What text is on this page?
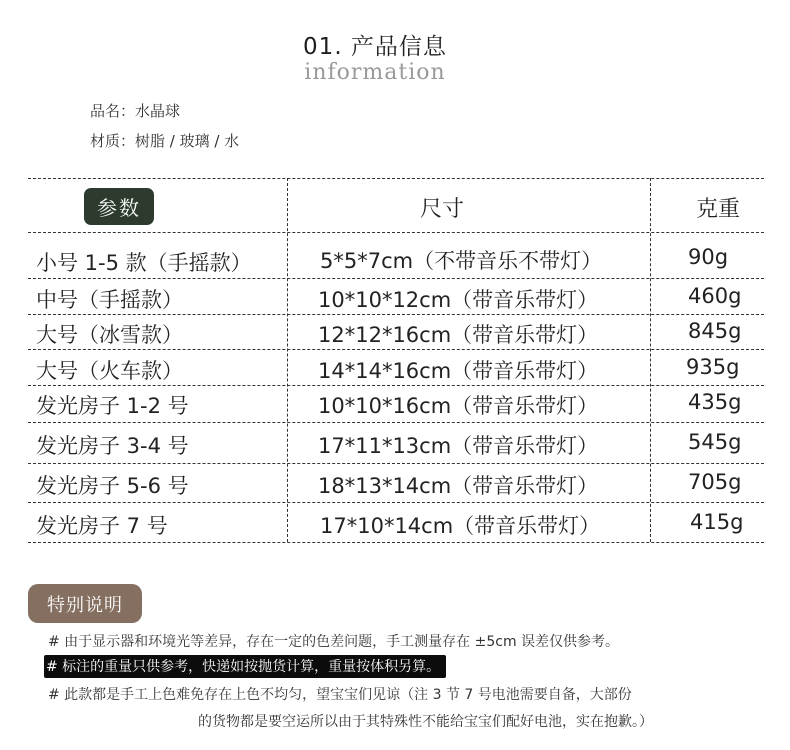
01. 产品信息
information
品名：水晶球
材质：树脂 / 玻璃 / 水
参数	尺寸	克重
小号 1-5 款（手摇款）	5*5*7cm（不带音乐不带灯）	90g
中号（手摇款）	10*10*12cm（带音乐带灯）	460g
大号（冰雪款）	12*12*16cm（带音乐带灯）	845g
大号（火车款）	14*14*16cm（带音乐带灯）	935g
发光房子 1-2 号	10*10*16cm（带音乐带灯）	435g
发光房子 3-4 号	17*11*13cm（带音乐带灯）	545g
发光房子 5-6 号	18*13*14cm（带音乐带灯）	705g
发光房子 7 号	17*10*14cm（带音乐带灯）	415g
特别说明
# 由于显示器和环境光等差异，存在一定的色差问题，手工测量存在 ±5cm 误差仅供参考。
# 标注的重量只供参考，快递如按抛货计算，重量按体积另算。
# 此款都是手工上色难免存在上色不均匀，望宝宝们见谅（注 3 节 7 号电池需要自备，大部份
的货物都是要空运所以由于其特殊性不能给宝宝们配好电池，实在抱歉。）
